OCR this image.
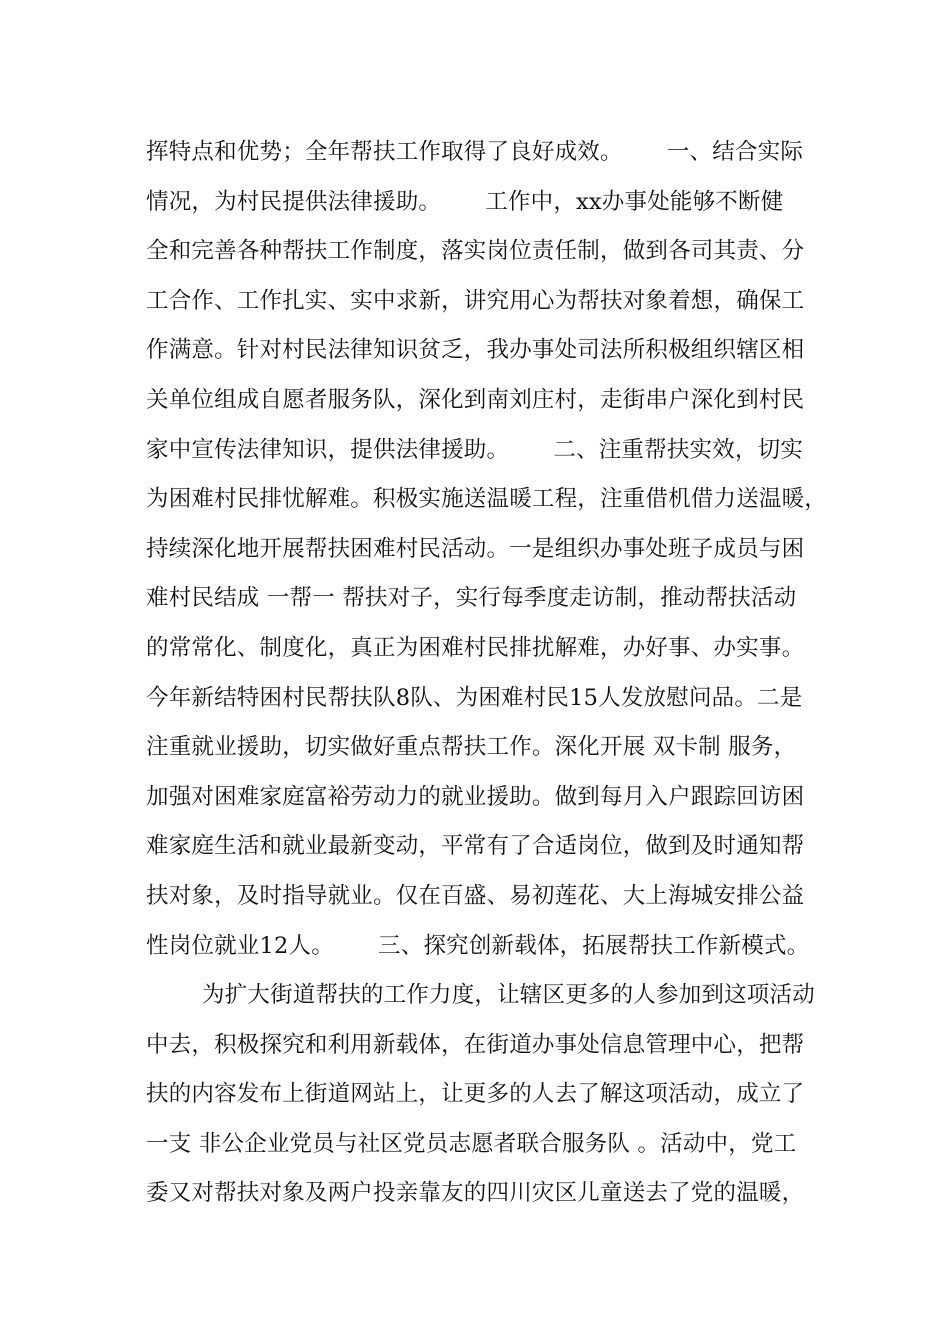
挥特点和优势；全年帮扶工作取得了良好成效。      一、结合实际
情况，为村民提供法律援助。      工作中，xx办事处能够不断健
全和完善各种帮扶工作制度，落实岗位责任制，做到各司其责、分
工合作、工作扎实、实中求新，讲究用心为帮扶对象着想，确保工
作满意。针对村民法律知识贫乏，我办事处司法所积极组织辖区相
关单位组成自愿者服务队，深化到南刘庄村，走街串户深化到村民
家中宣传法律知识，提供法律援助。      二、注重帮扶实效，切实
为困难村民排忧解难。积极实施送温暖工程，注重借机借力送温暖，
持续深化地开展帮扶困难村民活动。一是组织办事处班子成员与困
难村民结成 一帮一 帮扶对子，实行每季度走访制，推动帮扶活动
的常常化、制度化，真正为困难村民排扰解难，办好事、办实事。
今年新结特困村民帮扶队8队、为困难村民15人发放慰问品。二是
注重就业援助，切实做好重点帮扶工作。深化开展 双卡制 服务，
加强对困难家庭富裕劳动力的就业援助。做到每月入户跟踪回访困
难家庭生活和就业最新变动，平常有了合适岗位，做到及时通知帮
扶对象，及时指导就业。仅在百盛、易初莲花、大上海城安排公益
性岗位就业12人。      三、探究创新载体，拓展帮扶工作新模式。
为扩大街道帮扶的工作力度，让辖区更多的人参加到这项活动
中去，积极探究和利用新载体，在街道办事处信息管理中心，把帮
扶的内容发布上街道网站上，让更多的人去了解这项活动，成立了
一支 非公企业党员与社区党员志愿者联合服务队 。活动中，党工
委又对帮扶对象及两户投亲靠友的四川灾区儿童送去了党的温暖，
